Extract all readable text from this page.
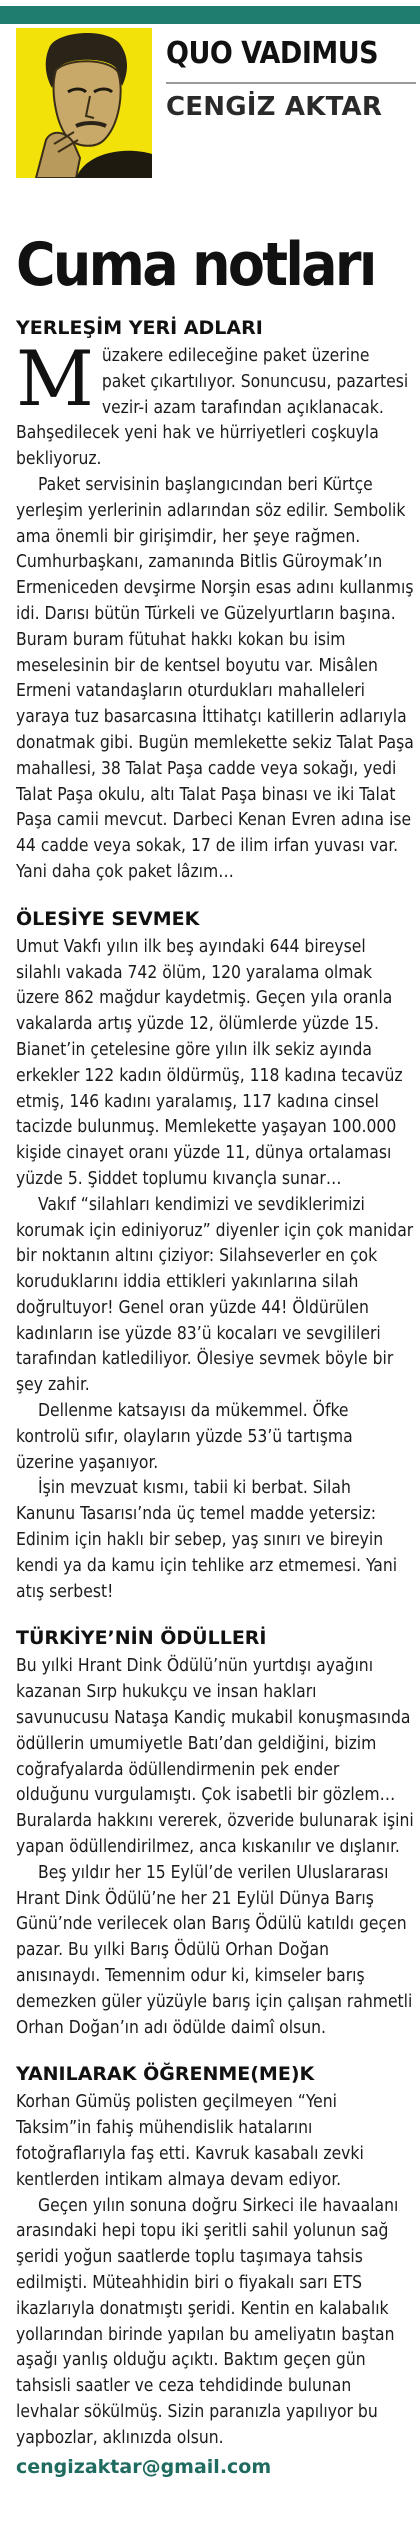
QUO VADIMUS
CENGİZ AKTAR
Cuma notları
YERLEŞİM YERİ ADLARI

Müzakere edileceğine paket üzerine paket çıkartılıyor. Sonuncusu, pazartesi vezir-i azam tarafından açıklanacak. Bahşedilecek yeni hak ve hürriyetleri coşkuyla bekliyoruz.

Paket servisinin başlangıcından beri Kürtçe yerleşim yerlerinin adlarından söz edilir. Sembolik ama önemli bir girişimdir, her şeye rağmen. Cumhurbaşkanı, zamanında Bitlis Güroymak’ın Ermeniceden devşirme Norşin esas adını kullanmış idi. Darısı bütün Türkeli ve Güzelyurtların başına. Buram buram fütuhat hakkı kokan bu isim meselesinin bir de kentsel boyutu var. Misâlen Ermeni vatandaşların oturdukları mahalleleri yaraya tuz basarcasına İttihatçı katillerin adlarıyla donatmak gibi. Bugün memlekette sekiz Talat Paşa mahallesi, 38 Talat Paşa cadde veya sokağı, yedi Talat Paşa okulu, altı Talat Paşa binası ve iki Talat Paşa camii mevcut. Darbeci Kenan Evren adına ise 44 cadde veya sokak, 17 de ilim irfan yuvası var. Yani daha çok paket lâzım…

ÖLESİYE SEVMEK

Umut Vakfı yılın ilk beş ayındaki 644 bireysel silahlı vakada 742 ölüm, 120 yaralama olmak üzere 862 mağdur kaydetmiş. Geçen yıla oranla vakalarda artış yüzde 12, ölümlerde yüzde 15. Bianet’in çetelesine göre yılın ilk sekiz ayında erkekler 122 kadın öldürmüş, 118 kadına tecavüz etmiş, 146 kadını yaralamış, 117 kadına cinsel tacizde bulunmuş. Memlekette yaşayan 100.000 kişide cinayet oranı yüzde 11, dünya ortalaması yüzde 5. Şiddet toplumu kıvançla sunar…

Vakıf “silahları kendimizi ve sevdiklerimizi korumak için ediniyoruz” diyenler için çok manidar bir noktanın altını çiziyor: Silahseverler en çok koruduklarını iddia ettikleri yakınlarına silah doğrultuyor! Genel oran yüzde 44! Öldürülen kadınların ise yüzde 83’ü kocaları ve sevgilileri tarafından katlediliyor. Ölesiye sevmek böyle bir şey zahir.

Dellenme katsayısı da mükemmel. Öfke kontrolü sıfır, olayların yüzde 53’ü tartışma üzerine yaşanıyor.

İşin mevzuat kısmı, tabii ki berbat. Silah Kanunu Tasarısı’nda üç temel madde yetersiz: Edinim için haklı bir sebep, yaş sınırı ve bireyin kendi ya da kamu için tehlike arz etmemesi. Yani atış serbest!

TÜRKİYE’NİN ÖDÜLLERİ

Bu yılki Hrant Dink Ödülü’nün yurtdışı ayağını kazanan Sırp hukukçu ve insan hakları savunucusu Nataşa Kandiç mukabil konuşmasında ödüllerin umumiyetle Batı’dan geldiğini, bizim coğrafyalarda ödüllendirmenin pek ender olduğunu vurgulamıştı. Çok isabetli bir gözlem… Buralarda hakkını vererek, özveride bulunarak işini yapan ödüllendirilmez, anca kıskanılır ve dışlanır.

Beş yıldır her 15 Eylül’de verilen Uluslararası Hrant Dink Ödülü’ne her 21 Eylül Dünya Barış Günü’nde verilecek olan Barış Ödülü katıldı geçen pazar. Bu yılki Barış Ödülü Orhan Doğan anısınaydı. Temennim odur ki, kimseler barış demezken güler yüzüyle barış için çalışan rahmetli Orhan Doğan’ın adı ödülde daimî olsun.

YANILARAK ÖĞRENME(ME)K

Korhan Gümüş polisten geçilmeyen “Yeni Taksim”in fahiş mühendislik hatalarını fotoğraflarıyla faş etti. Kavruk kasabalı zevki kentlerden intikam almaya devam ediyor.

Geçen yılın sonuna doğru Sirkeci ile havaalanı arasındaki hepi topu iki şeritli sahil yolunun sağ şeridi yoğun saatlerde toplu taşımaya tahsis edilmişti. Müteahhidin biri o fiyakalı sarı ETS ikazlarıyla donatmıştı şeridi. Kentin en kalabalık yollarından birinde yapılan bu ameliyatın baştan aşağı yanlış olduğu açıktı. Baktım geçen gün tahsisli saatler ve ceza tehdidinde bulunan levhalar sökülmüş. Sizin paranızla yapılıyor bu yapbozlar, aklınızda olsun.

cengizaktar@gmail.com
